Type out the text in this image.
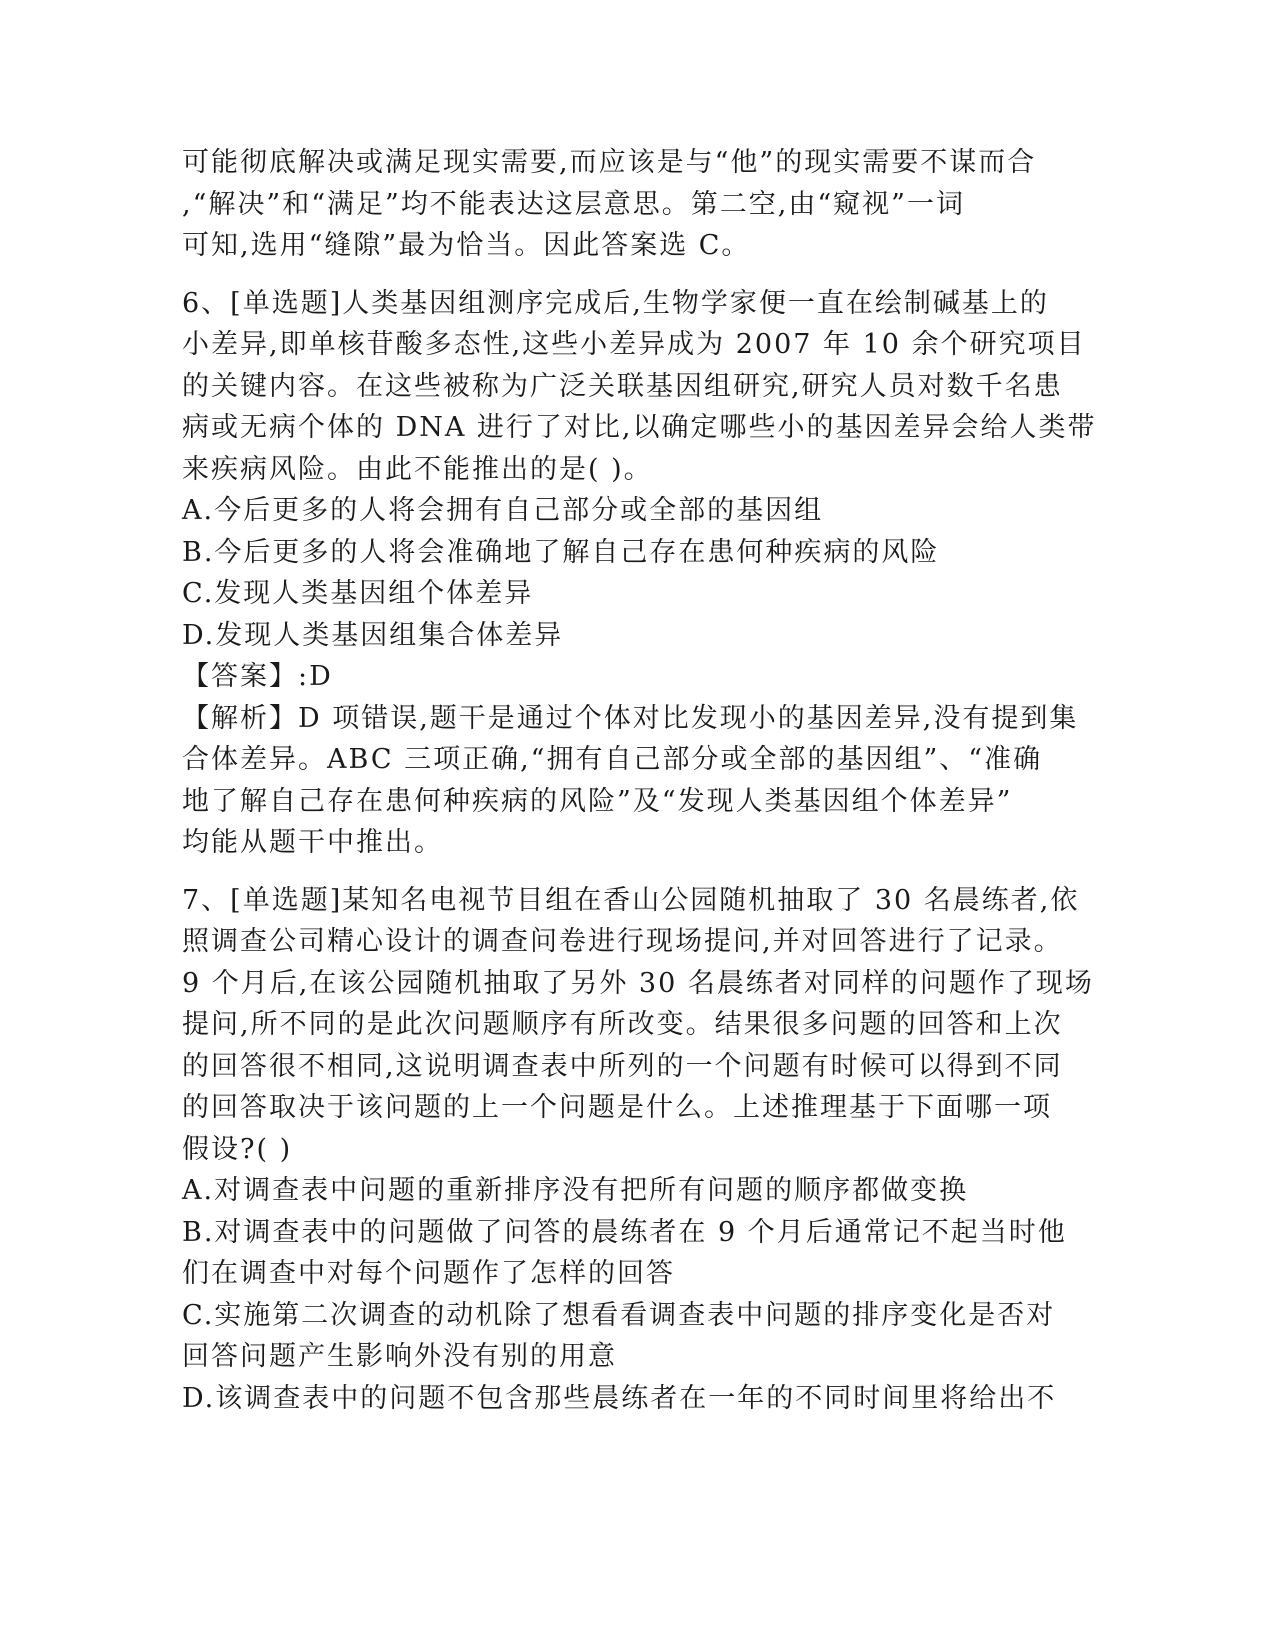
可能彻底解决或满足现实需要,而应该是与“他”的现实需要不谋而合
,“解决”和“满足”均不能表达这层意思。第二空,由“窥视”一词
可知,选用“缝隙”最为恰当。因此答案选 C。
6、[单选题]人类基因组测序完成后,生物学家便一直在绘制碱基上的
小差异,即单核苷酸多态性,这些小差异成为 2007 年 10 余个研究项目
的关键内容。在这些被称为广泛关联基因组研究,研究人员对数千名患
病或无病个体的 DNA 进行了对比,以确定哪些小的基因差异会给人类带
来疾病风险。由此不能推出的是( )。
A.今后更多的人将会拥有自己部分或全部的基因组
B.今后更多的人将会准确地了解自己存在患何种疾病的风险
C.发现人类基因组个体差异
D.发现人类基因组集合体差异
【答案】:D
【解析】D 项错误,题干是通过个体对比发现小的基因差异,没有提到集
合体差异。ABC 三项正确,“拥有自己部分或全部的基因组”、“准确
地了解自己存在患何种疾病的风险”及“发现人类基因组个体差异”
均能从题干中推出。
7、[单选题]某知名电视节目组在香山公园随机抽取了 30 名晨练者,依
照调查公司精心设计的调查问卷进行现场提问,并对回答进行了记录。
9 个月后,在该公园随机抽取了另外 30 名晨练者对同样的问题作了现场
提问,所不同的是此次问题顺序有所改变。结果很多问题的回答和上次
的回答很不相同,这说明调查表中所列的一个问题有时候可以得到不同
的回答取决于该问题的上一个问题是什么。上述推理基于下面哪一项
假设?( )
A.对调查表中问题的重新排序没有把所有问题的顺序都做变换
B.对调查表中的问题做了问答的晨练者在 9 个月后通常记不起当时他
们在调查中对每个问题作了怎样的回答
C.实施第二次调查的动机除了想看看调查表中问题的排序变化是否对
回答问题产生影响外没有别的用意
D.该调查表中的问题不包含那些晨练者在一年的不同时间里将给出不
